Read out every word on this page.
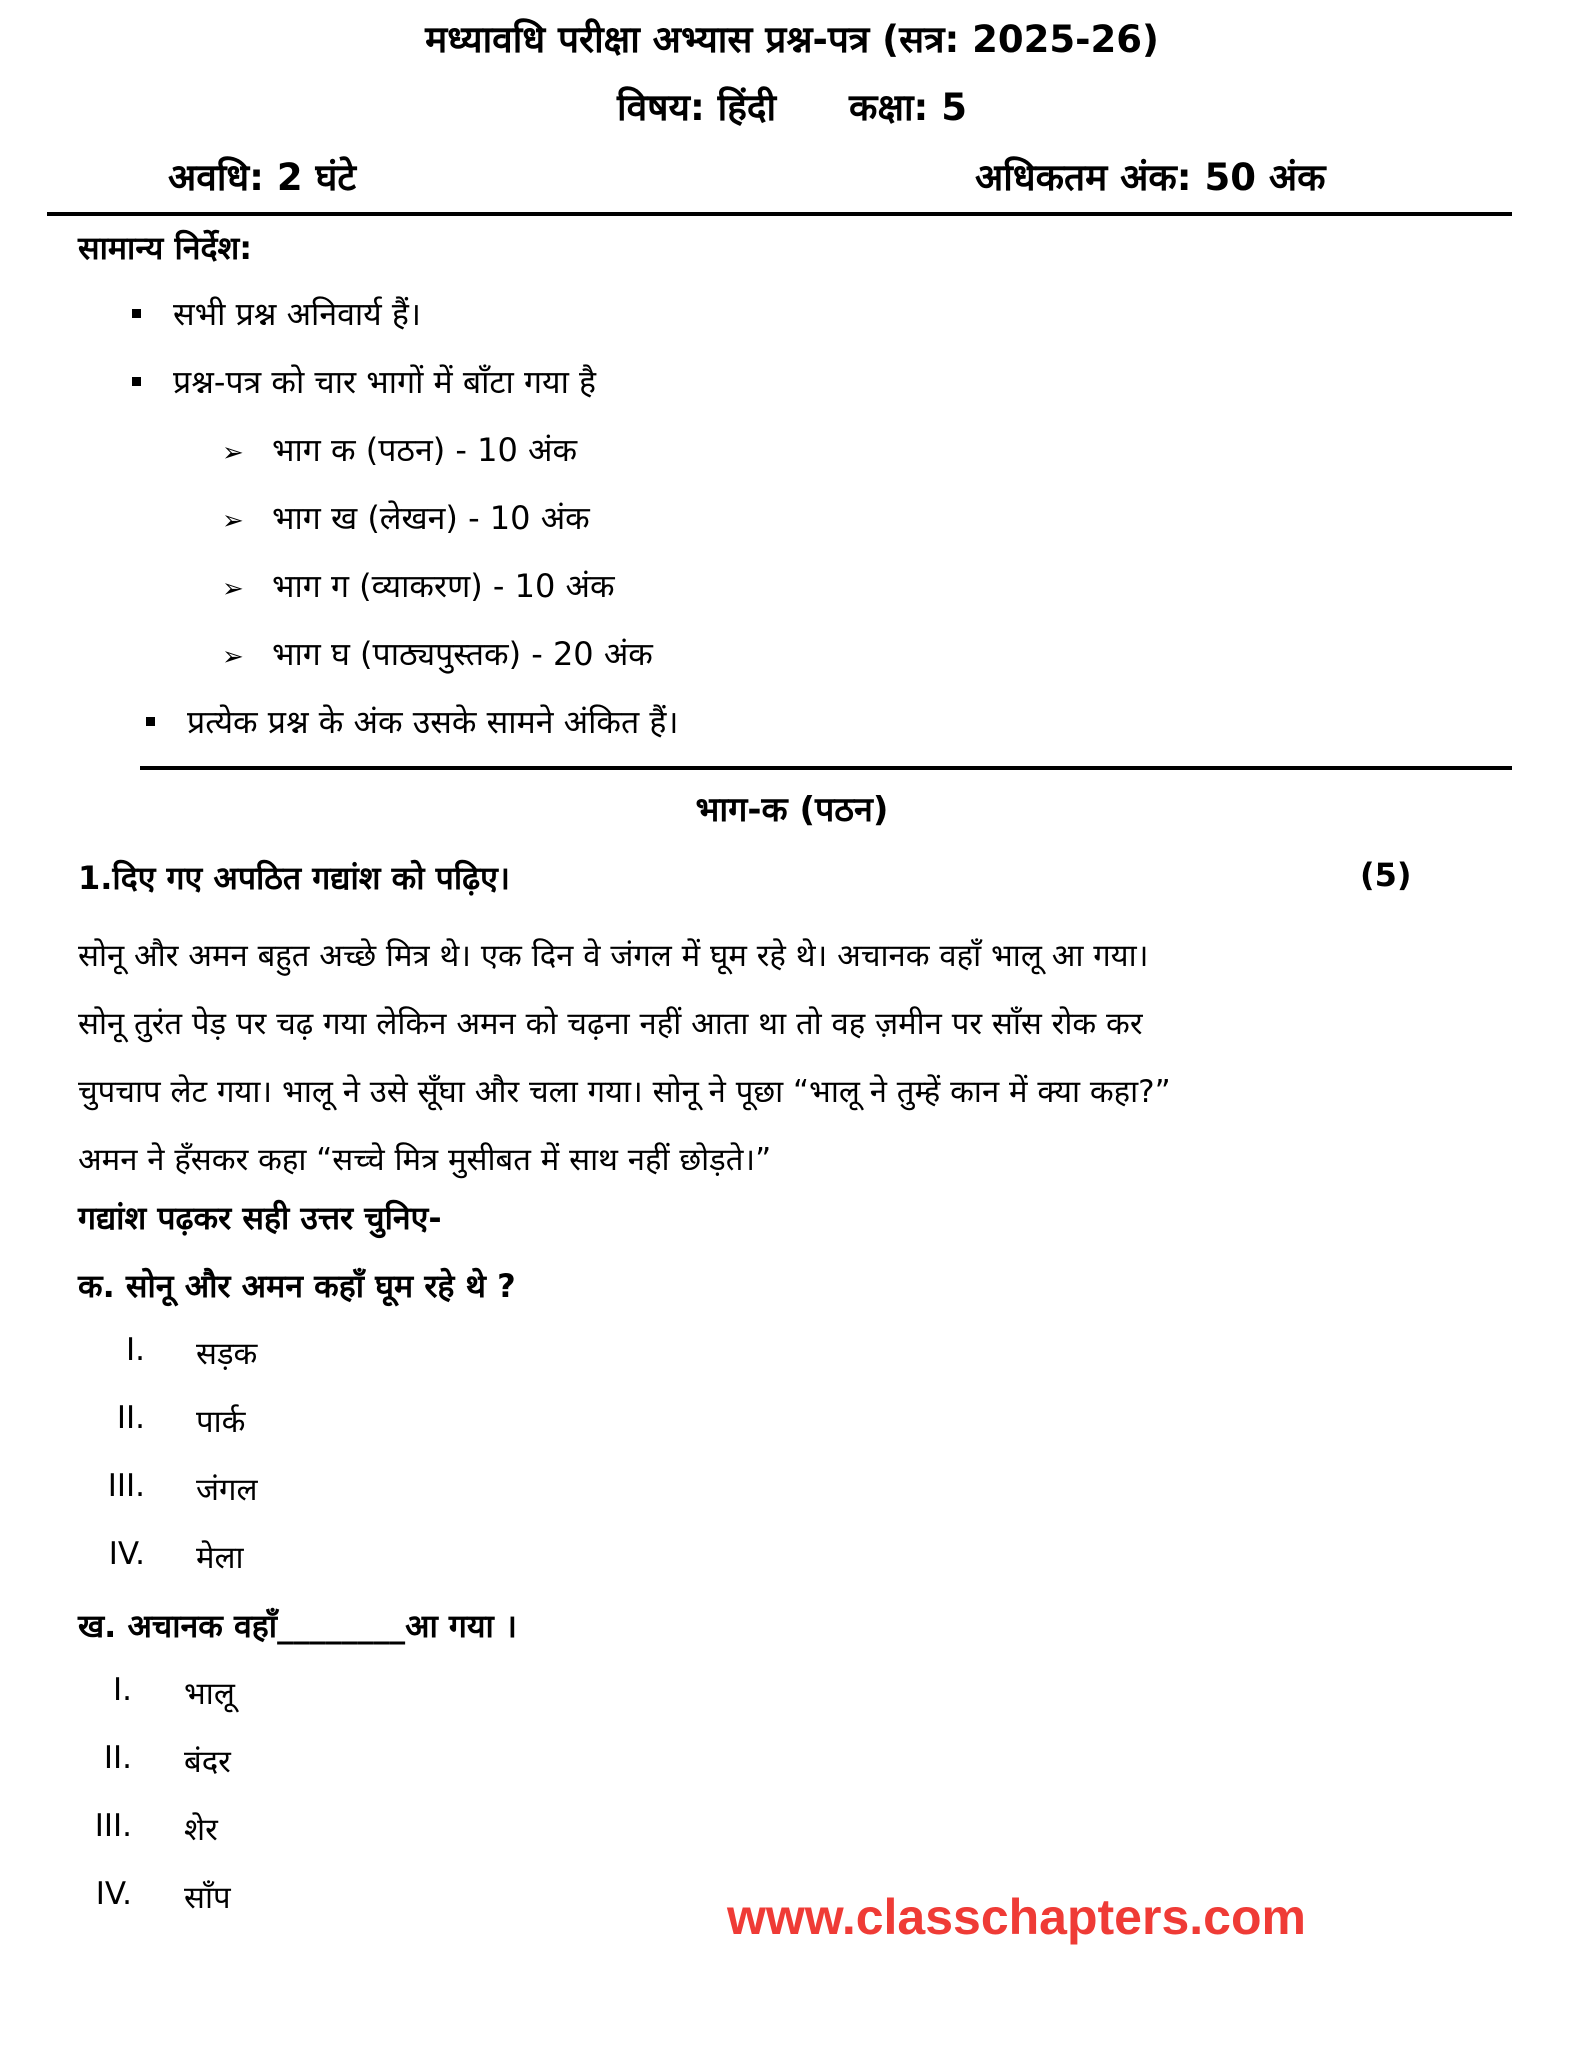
मध्यावधि परीक्षा अभ्यास प्रश्न-पत्र (सत्र: 2025-26)
विषय: हिंदी कक्षा: 5
अवधि: 2 घंटे	अधिकतम अंक: 50 अंक
सामान्य निर्देश:
सभी प्रश्न अनिवार्य हैं।
प्रश्न-पत्र को चार भागों में बाँटा गया है
➢ भाग क (पठन) - 10 अंक
➢ भाग ख (लेखन) - 10 अंक
➢ भाग ग (व्याकरण) - 10 अंक
➢ भाग घ (पाठ्यपुस्तक) - 20 अंक
प्रत्येक प्रश्न के अंक उसके सामने अंकित हैं।
भाग-क (पठन)
1.दिए गए अपठित गद्यांश को पढ़िए।	(5)

सोनू और अमन बहुत अच्छे मित्र थे। एक दिन वे जंगल में घूम रहे थे। अचानक वहाँ भालू आ गया।

सोनू तुरंत पेड़ पर चढ़ गया लेकिन अमन को चढ़ना नहीं आता था तो वह ज़मीन पर साँस रोक कर

चुपचाप लेट गया। भालू ने उसे सूँघा और चला गया। सोनू ने पूछा “भालू ने तुम्हें कान में क्या कहा?”

अमन ने हँसकर कहा “सच्चे मित्र मुसीबत में साथ नहीं छोड़ते।”

गद्यांश पढ़कर सही उत्तर चुनिए-
क. सोनू और अमन कहाँ घूम रहे थे ?
I. सड़क
II. पार्क
III. जंगल
IV. मेला
ख. अचानक वहाँ________आ गया ।
I. भालू
II. बंदर
III. शेर
IV. साँप	www.classchapters.com
